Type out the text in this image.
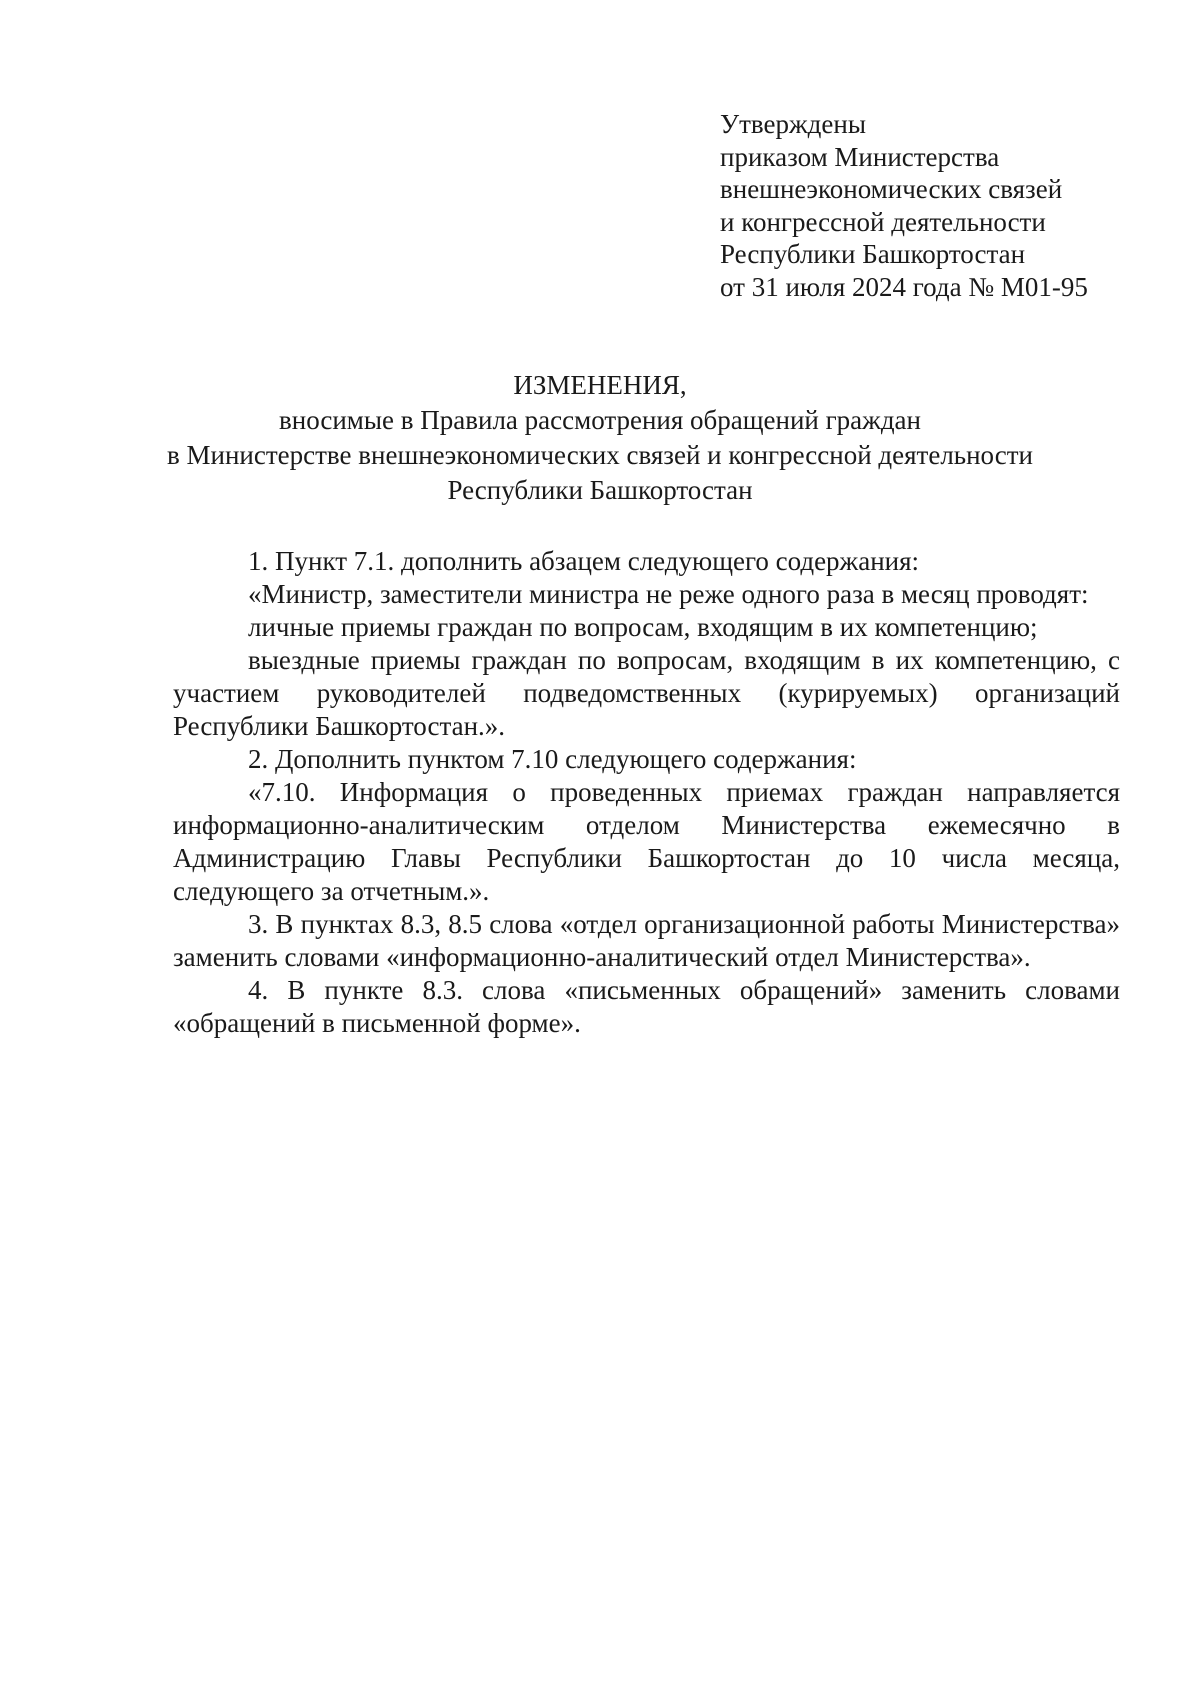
Утверждены
приказом Министерства
внешнеэкономических связей
и конгрессной деятельности
Республики Башкортостан
от 31 июля 2024 года № М01-95
ИЗМЕНЕНИЯ,
вносимые в Правила рассмотрения обращений граждан
в Министерстве внешнеэкономических связей и конгрессной деятельности
Республики Башкортостан

1. Пункт 7.1. дополнить абзацем следующего содержания:

«Министр, заместители министра не реже одного раза в месяц проводят:

личные приемы граждан по вопросам, входящим в их компетенцию;

выездные приемы граждан по вопросам, входящим в их компетенцию, с участием руководителей подведомственных (курируемых) организаций Республики Башкортостан.».

2. Дополнить пунктом 7.10 следующего содержания:

«7.10. Информация о проведенных приемах граждан направляется информационно-аналитическим отделом Министерства ежемесячно в Администрацию Главы Республики Башкортостан до 10 числа месяца, следующего за отчетным.».

3. В пунктах 8.3, 8.5 слова «отдел организационной работы Министерства» заменить словами «информационно-аналитический отдел Министерства».

4. В пункте 8.3. слова «письменных обращений» заменить словами «обращений в письменной форме».
